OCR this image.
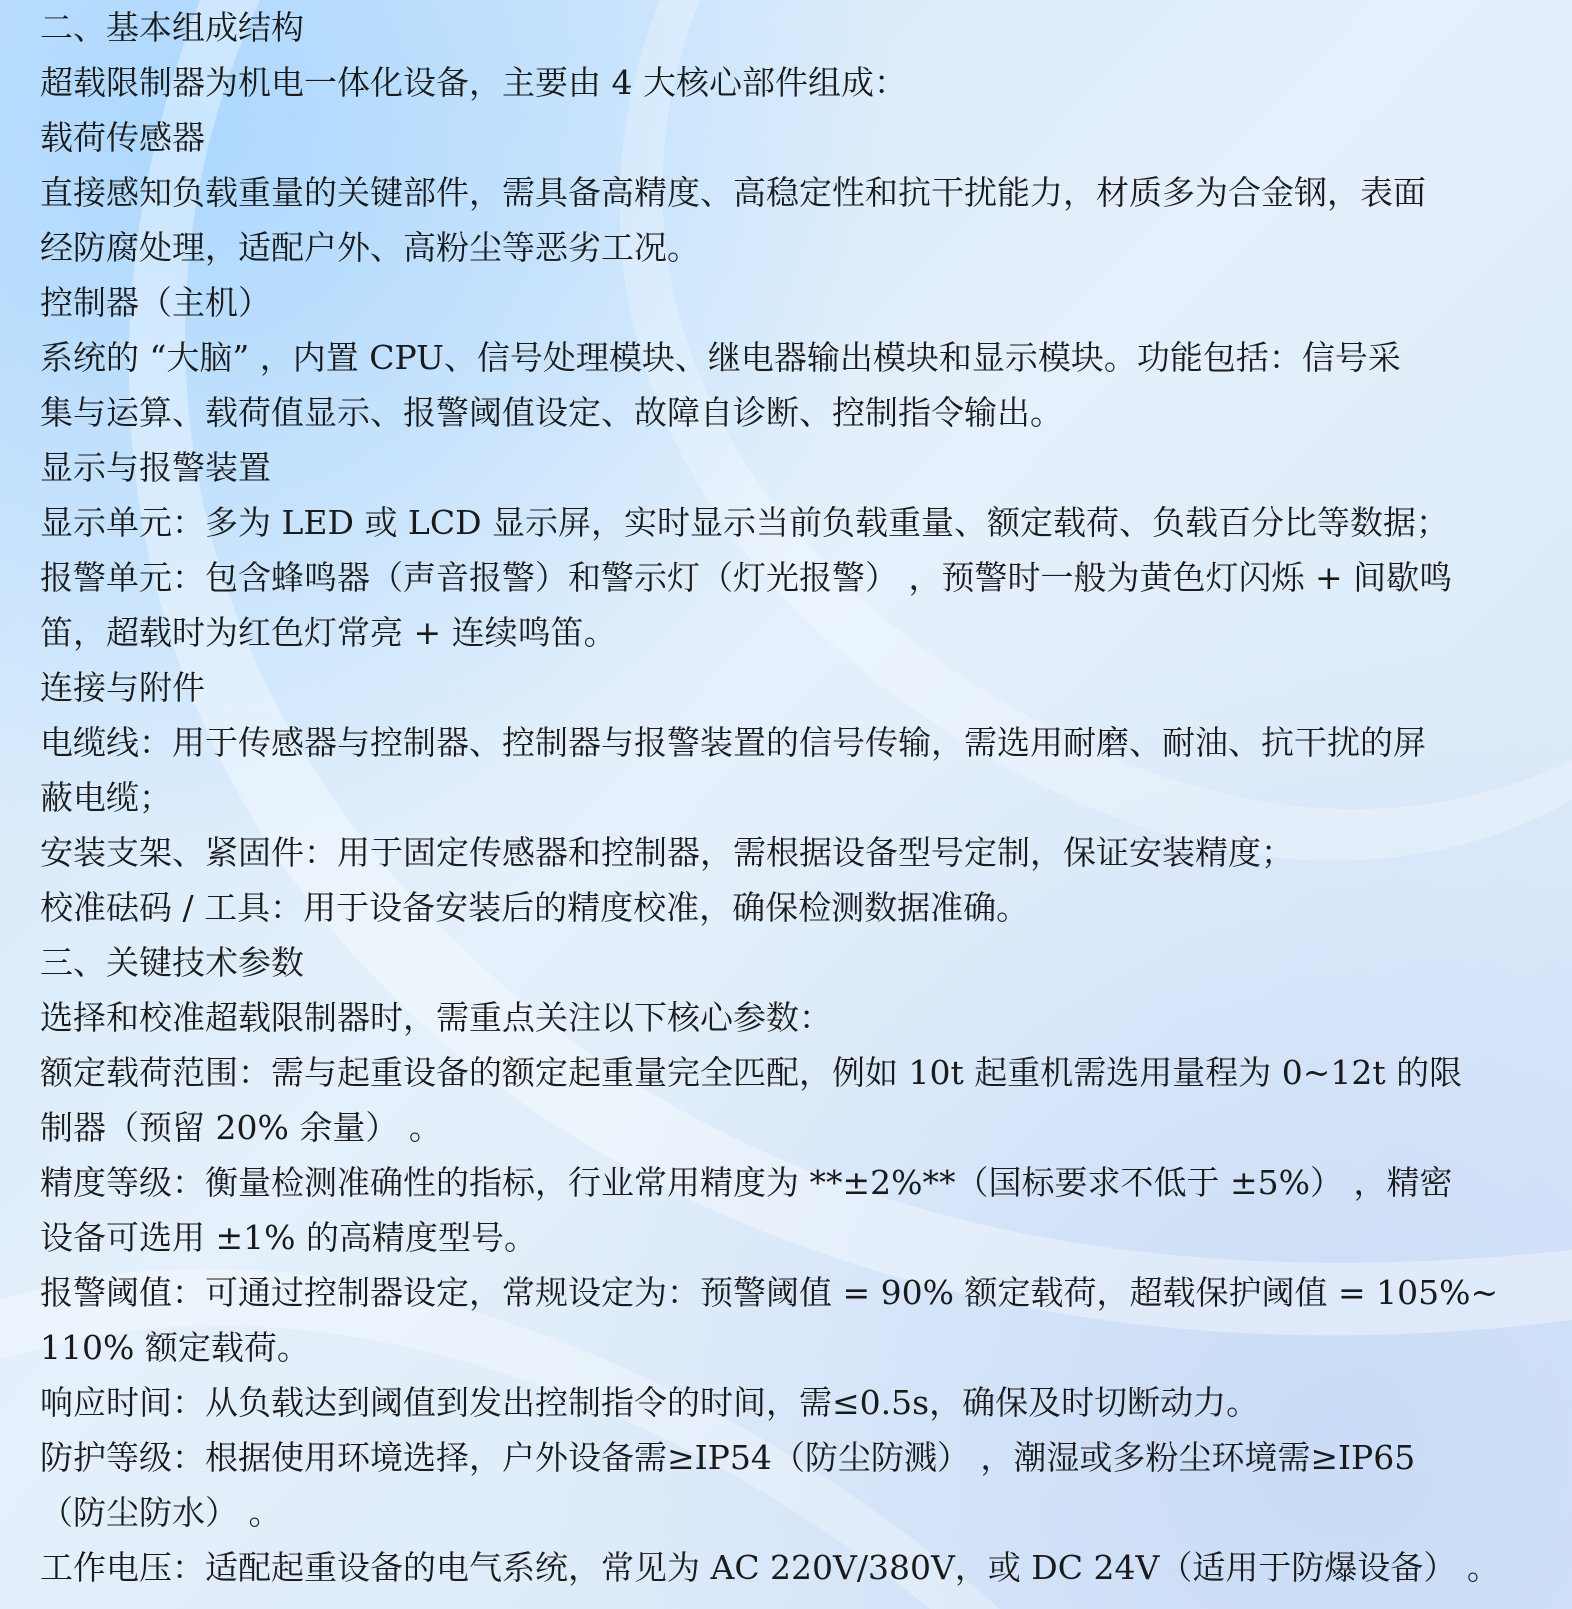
二、基本组成结构
超载限制器为机电一体化设备，主要由 4 大核心部件组成：
载荷传感器
直接感知负载重量的关键部件，需具备高精度、高稳定性和抗干扰能力，材质多为合金钢，表面
经防腐处理，适配户外、高粉尘等恶劣工况。
控制器（主机）
系统的 “大脑” ，内置 CPU、信号处理模块、继电器输出模块和显示模块。功能包括：信号采
集与运算、载荷值显示、报警阈值设定、故障自诊断、控制指令输出。
显示与报警装置
显示单元：多为 LED 或 LCD 显示屏，实时显示当前负载重量、额定载荷、负载百分比等数据；
报警单元：包含蜂鸣器（声音报警）和警示灯（灯光报警） ，预警时一般为黄色灯闪烁 + 间歇鸣
笛，超载时为红色灯常亮 + 连续鸣笛。
连接与附件
电缆线：用于传感器与控制器、控制器与报警装置的信号传输，需选用耐磨、耐油、抗干扰的屏
蔽电缆；
安装支架、紧固件：用于固定传感器和控制器，需根据设备型号定制，保证安装精度；
校准砝码 / 工具：用于设备安装后的精度校准，确保检测数据准确。
三、关键技术参数
选择和校准超载限制器时，需重点关注以下核心参数：
额定载荷范围：需与起重设备的额定起重量完全匹配，例如 10t 起重机需选用量程为 0~12t 的限
制器（预留 20% 余量） 。
精度等级：衡量检测准确性的指标，行业常用精度为 **±2%**（国标要求不低于 ±5%） ，精密
设备可选用 ±1% 的高精度型号。
报警阈值：可通过控制器设定，常规设定为：预警阈值 = 90% 额定载荷，超载保护阈值 = 105%~
110% 额定载荷。
响应时间：从负载达到阈值到发出控制指令的时间，需≤0.5s，确保及时切断动力。
防护等级：根据使用环境选择，户外设备需≥IP54（防尘防溅） ，潮湿或多粉尘环境需≥IP65
（防尘防水） 。
工作电压：适配起重设备的电气系统，常见为 AC 220V/380V，或 DC 24V（适用于防爆设备） 。
